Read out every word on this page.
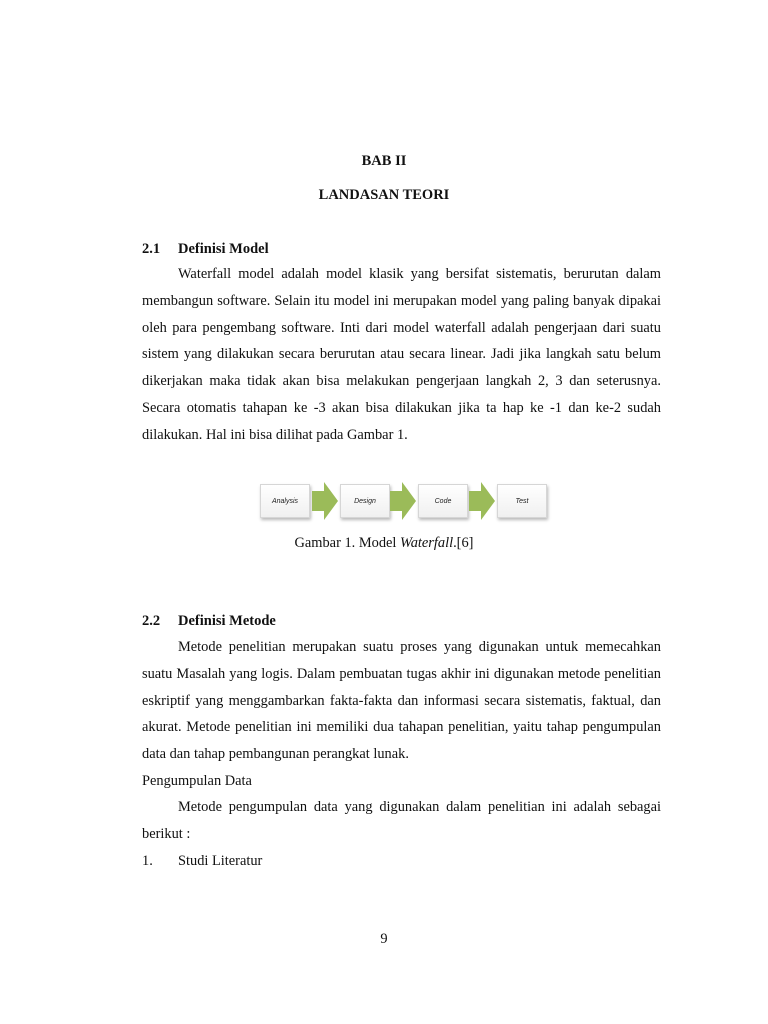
BAB II
LANDASAN TEORI
2.1 Definisi Model

Waterfall model adalah model klasik yang bersifat sistematis, berurutan dalam membangun software. Selain itu model ini merupakan model yang paling banyak dipakai oleh para pengembang software. Inti dari model waterfall adalah pengerjaan dari suatu sistem yang dilakukan secara berurutan atau secara linear. Jadi jika langkah satu belum dikerjakan maka tidak akan bisa melakukan pengerjaan langkah 2, 3 dan seterusnya. Secara otomatis tahapan ke -3 akan bisa dilakukan jika ta hap ke -1 dan ke-2 sudah dilakukan. Hal ini bisa dilihat pada Gambar 1.

Analysis	Design	Code	Test
Gambar 1. Model Waterfall.[6]
2.2 Definisi Metode

Metode penelitian merupakan suatu proses yang digunakan untuk memecahkan suatu Masalah yang logis. Dalam pembuatan tugas akhir ini digunakan metode penelitian eskriptif yang menggambarkan fakta-fakta dan informasi secara sistematis, faktual, dan akurat. Metode penelitian ini memiliki dua tahapan penelitian, yaitu tahap pengumpulan data dan tahap pembangunan perangkat lunak.

Pengumpulan Data

Metode pengumpulan data yang digunakan dalam penelitian ini adalah sebagai berikut :

1. Studi Literatur
9
